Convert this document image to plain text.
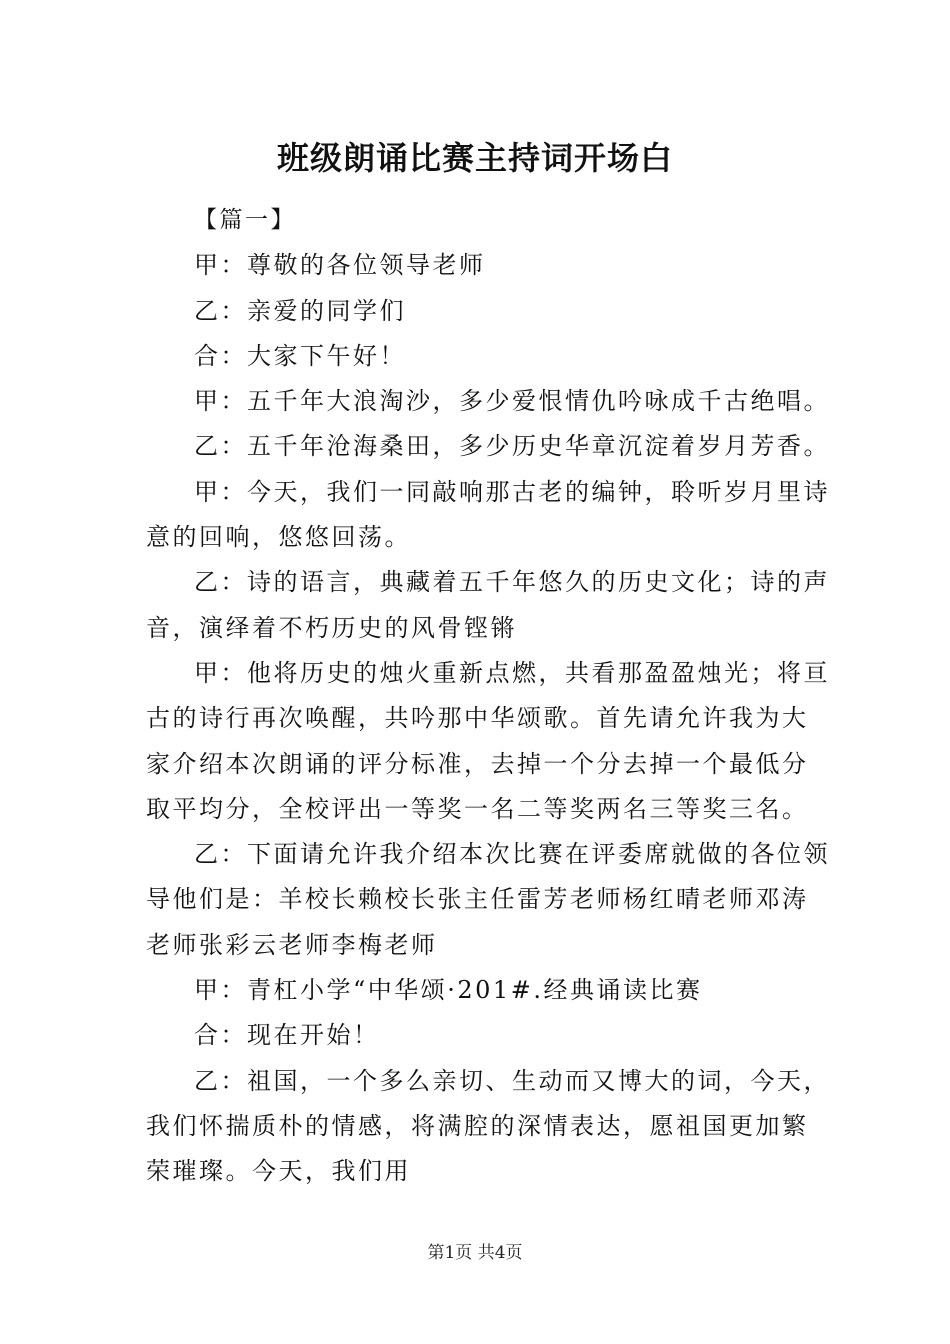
班级朗诵比赛主持词开场白

【篇一】

甲：尊敬的各位领导老师

乙：亲爱的同学们

合：大家下午好！

甲：五千年大浪淘沙，多少爱恨情仇吟咏成千古绝唱。

乙：五千年沧海桑田，多少历史华章沉淀着岁月芳香。

甲：今天，我们一同敲响那古老的编钟，聆听岁月里诗意的回响，悠悠回荡。

乙：诗的语言，典藏着五千年悠久的历史文化；诗的声音，演绎着不朽历史的风骨铿锵

甲：他将历史的烛火重新点燃，共看那盈盈烛光；将亘古的诗行再次唤醒，共吟那中华颂歌。首先请允许我为大家介绍本次朗诵的评分标准，去掉一个分去掉一个最低分取平均分，全校评出一等奖一名二等奖两名三等奖三名。

乙：下面请允许我介绍本次比赛在评委席就做的各位领导他们是：羊校长赖校长张主任雷芳老师杨红晴老师邓涛老师张彩云老师李梅老师

甲：青杠小学“中华颂·201#.经典诵读比赛

合：现在开始！

乙：祖国，一个多么亲切、生动而又博大的词，今天，我们怀揣质朴的情感，将满腔的深情表达，愿祖国更加繁荣璀璨。今天，我们用

第1页 共4页
